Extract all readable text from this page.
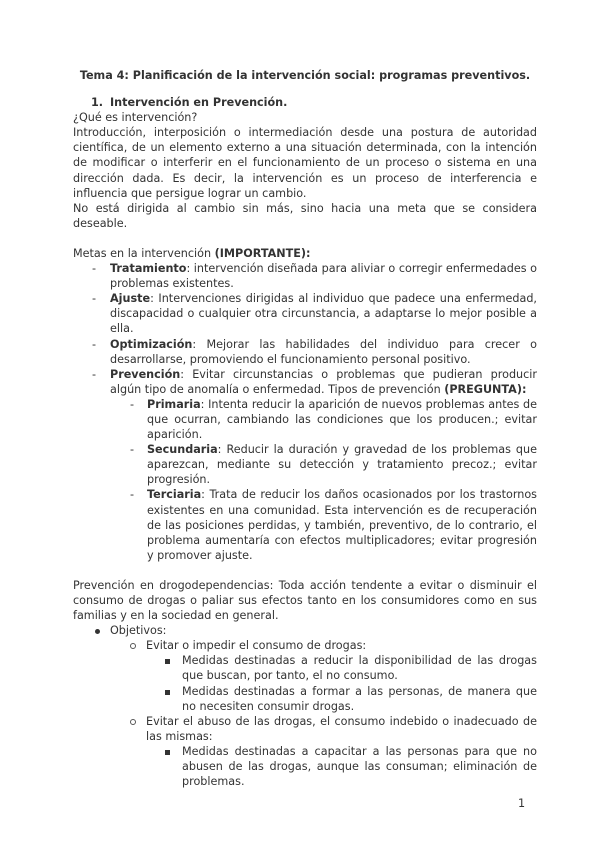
Tema 4: Planificación de la intervención social: programas preventivos.
1. Intervención en Prevención.

¿Qué es intervención?

Introducción, interposición o intermediación desde una postura de autoridad científica, de un elemento externo a una situación determinada, con la intención de modificar o interferir en el funcionamiento de un proceso o sistema en una dirección dada. Es decir, la intervención es un proceso de interferencia e influencia que persigue lograr un cambio.

No está dirigida al cambio sin más, sino hacia una meta que se considera deseable.

Metas en la intervención (IMPORTANTE):

- Tratamiento: intervención diseñada para aliviar o corregir enfermedades o problemas existentes.
- Ajuste: Intervenciones dirigidas al individuo que padece una enfermedad, discapacidad o cualquier otra circunstancia, a adaptarse lo mejor posible a ella.
- Optimización: Mejorar las habilidades del individuo para crecer o desarrollarse, promoviendo el funcionamiento personal positivo.
- Prevención: Evitar circunstancias o problemas que pudieran producir algún tipo de anomalía o enfermedad. Tipos de prevención (PREGUNTA):
- Primaria: Intenta reducir la aparición de nuevos problemas antes de que ocurran, cambiando las condiciones que los producen.; evitar aparición.
- Secundaria: Reducir la duración y gravedad de los problemas que aparezcan, mediante su detección y tratamiento precoz.; evitar progresión.
- Terciaria: Trata de reducir los daños ocasionados por los trastornos existentes en una comunidad. Esta intervención es de recuperación de las posiciones perdidas, y también, preventivo, de lo contrario, el problema aumentaría con efectos multiplicadores; evitar progresión y promover ajuste.

Prevención en drogodependencias: Toda acción tendente a evitar o disminuir el consumo de drogas o paliar sus efectos tanto en los consumidores como en sus familias y en la sociedad en general.

Objetivos:
Evitar o impedir el consumo de drogas:
Medidas destinadas a reducir la disponibilidad de las drogas que buscan, por tanto, el no consumo.
Medidas destinadas a formar a las personas, de manera que no necesiten consumir drogas.
Evitar el abuso de las drogas, el consumo indebido o inadecuado de las mismas:
Medidas destinadas a capacitar a las personas para que no abusen de las drogas, aunque las consuman; eliminación de problemas.
1
